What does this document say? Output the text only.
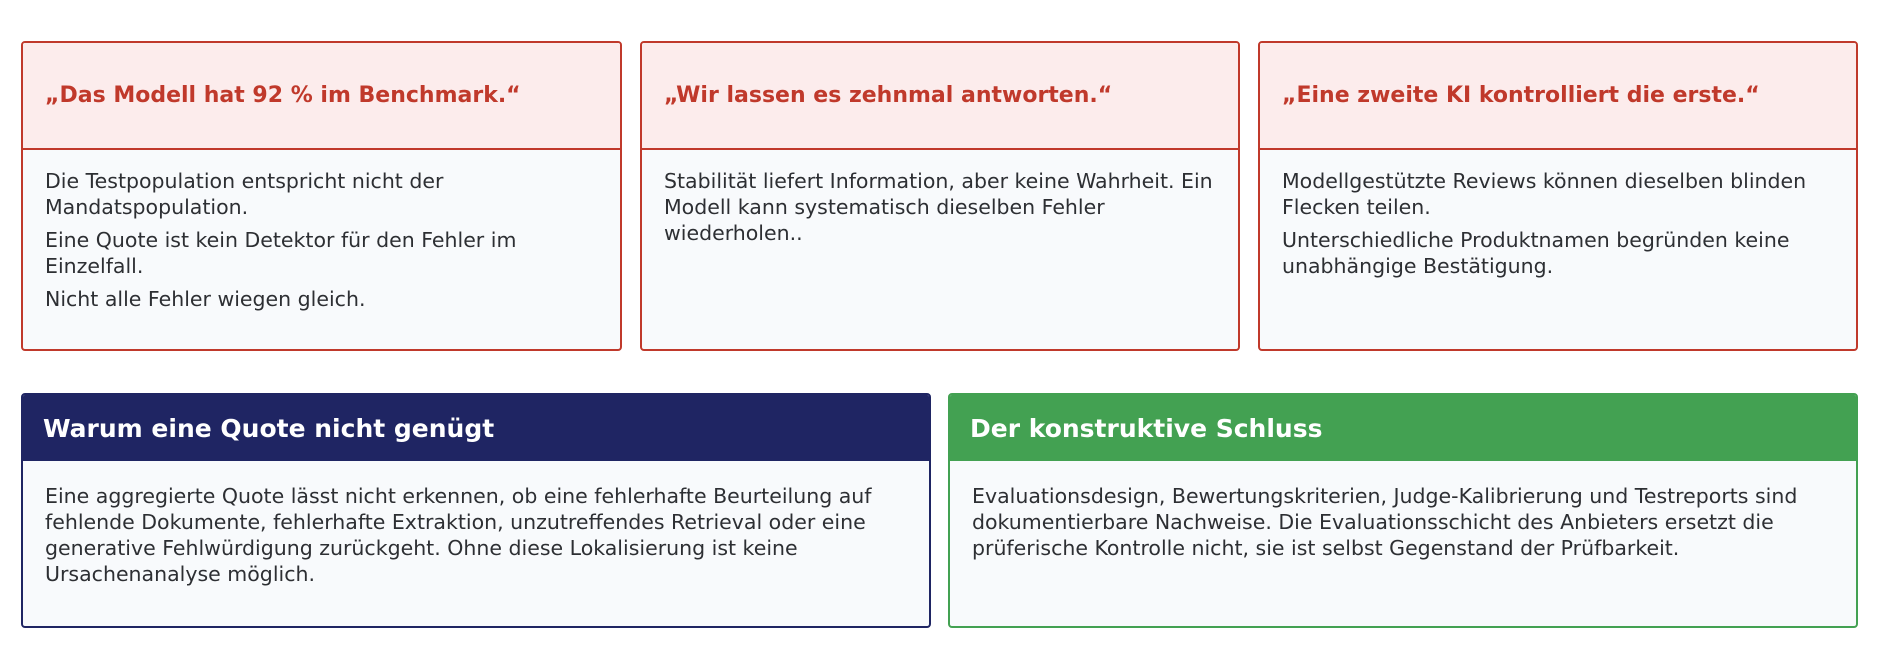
„Das Modell hat 92 % im Benchmark.“

Die Testpopulation entspricht nicht der Mandatspopulation.

Eine Quote ist kein Detektor für den Fehler im Einzelfall.

Nicht alle Fehler wiegen gleich.

„Wir lassen es zehnmal antworten.“

Stabilität liefert Information, aber keine Wahrheit. Ein Modell kann systematisch dieselben Fehler wiederholen..

„Eine zweite KI kontrolliert die erste.“

Modellgestützte Reviews können dieselben blinden Flecken teilen.

Unterschiedliche Produktnamen begründen keine unabhängige Bestätigung.

Warum eine Quote nicht genügt

Eine aggregierte Quote lässt nicht erkennen, ob eine fehlerhafte Beurteilung auf fehlende Dokumente, fehlerhafte Extraktion, unzutreffendes Retrieval oder eine generative Fehlwürdigung zurückgeht. Ohne diese Lokalisierung ist keine Ursachenanalyse möglich.

Der konstruktive Schluss

Evaluationsdesign, Bewertungskriterien, Judge-Kalibrierung und Testreports sind dokumentierbare Nachweise. Die Evaluationsschicht des Anbieters ersetzt die prüferische Kontrolle nicht, sie ist selbst Gegenstand der Prüfbarkeit.
